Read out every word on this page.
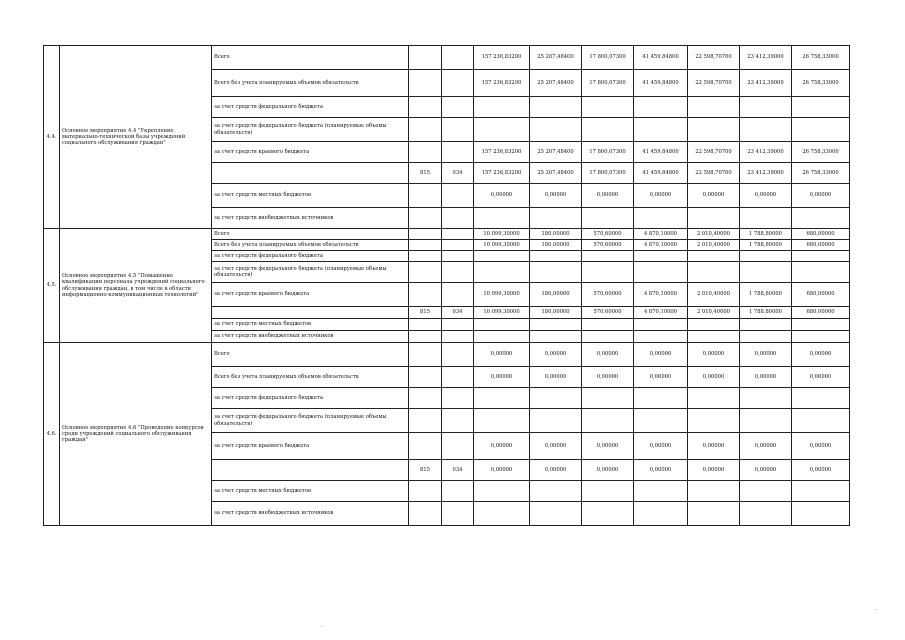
4.4.	Основное мероприятие 4.4 "Укрепление материально-технической базы учреждений социального обслуживания граждан"	Всего			157 236,83200	25 207,48400	17 800,07300	41 459,84800	22 598,70700	23 412,39000	26 758,33000
		Всего без учета планируемых объемов обязательств			157 236,83200	25 207,48400	17 800,07300	41 459,84800	22 598,70700	23 412,39000	26 758,33000
		за счет средств федерального бюджета									
		за счет средств федерального бюджета (планируемые объемы обязательств)									
		за счет средств краевого бюджета			157 236,83200	25 207,48400	17 800,07300	41 459,84800	22 598,70700	23 412,39000	26 758,33000
			815	034	157 236,83200	25 207,48400	17 800,07300	41 459,84800	22 598,70700	23 412,39000	26 758,33000
		за счет средств местных бюджетов			0,00000	0,00000	0,00000	0,00000	0,00000	0,00000	0,00000
		за счет средств внебюджетных источников									
4.5.	Основное мероприятие 4.5 "Повышение квалификации персонала учреждений социального обслуживания граждан, в том числе в области информационно-коммуникационных технологий"	Всего			10 099,30000	180,00000	570,60000	4 870,10000	2 010,40000	1 788,80000	680,00000
		Всего без учета планируемых объемов обязательств			10 099,30000	180,00000	570,60000	4 870,10000	2 010,40000	1 788,80000	680,00000
		за счет средств федерального бюджета									
		за счет средств федерального бюджета (планируемые объемы обязательств)									
		за счет средств краевого бюджета			10 099,30000	180,00000	570,60000	4 870,10000	2 010,40000	1 788,80000	680,00000
			815	034	10 099,30000	180,00000	570,60000	4 870,10000	2 010,40000	1 788,80000	680,00000
		за счет средств местных бюджетов									
		за счет средств внебюджетных источников									
4.6.	Основное мероприятие 4.6 "Проведение конкурсов среди учреждений социального обслуживания граждан"	Всего			0,00000	0,00000	0,00000	0,00000	0,00000	0,00000	0,00000
		Всего без учета планируемых объемов обязательств			0,00000	0,00000	0,00000	0,00000	0,00000	0,00000	0,00000
		за счет средств федерального бюджета									
		за счет средств федерального бюджета (планируемые объемы обязательств)									
		за счет средств краевого бюджета			0,00000	0,00000	0,00000	0,00000	0,00000	0,00000	0,00000
			815	034	0,00000	0,00000	0,00000	0,00000	0,00000	0,00000	0,00000
		за счет средств местных бюджетов									
		за счет средств внебюджетных источников									
.
.
